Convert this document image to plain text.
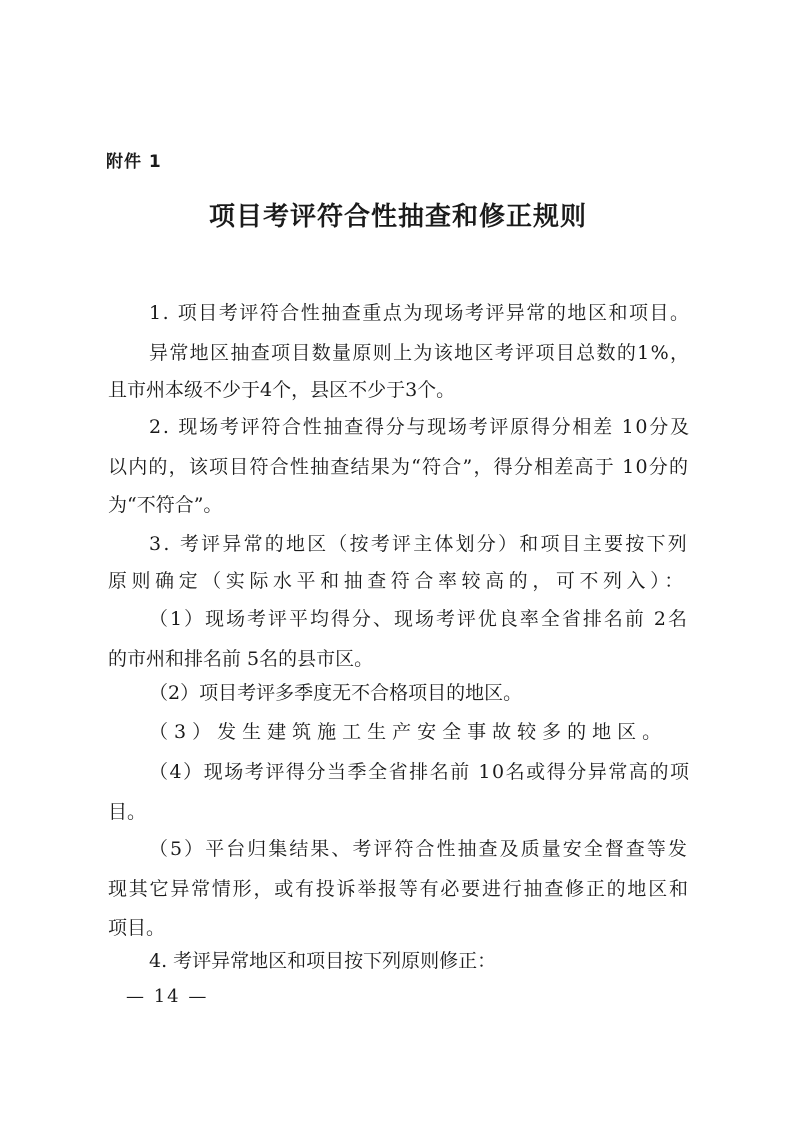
附件 1
项目考评符合性抽查和修正规则
1. 项目考评符合性抽查重点为现场考评异常的地区和项目。
异常地区抽查项目数量原则上为该地区考评项目总数的1%，
且市州本级不少于4个，县区不少于3个。
2. 现场考评符合性抽查得分与现场考评原得分相差 10分及
以内的，该项目符合性抽查结果为“符合”，得分相差高于 10分的
为“不符合”。
3. 考评异常的地区（按考评主体划分）和项目主要按下列
原则确定（实际水平和抽查符合率较高的，可不列入）：
（1）现场考评平均得分、现场考评优良率全省排名前 2名
的市州和排名前 5名的县市区。
（2）项目考评多季度无不合格项目的地区。
（3）发生建筑施工生产安全事故较多的地区。
（4）现场考评得分当季全省排名前 10名或得分异常高的项
目。
（5）平台归集结果、考评符合性抽查及质量安全督查等发
现其它异常情形，或有投诉举报等有必要进行抽查修正的地区和
项目。
4. 考评异常地区和项目按下列原则修正：
— 14 —
